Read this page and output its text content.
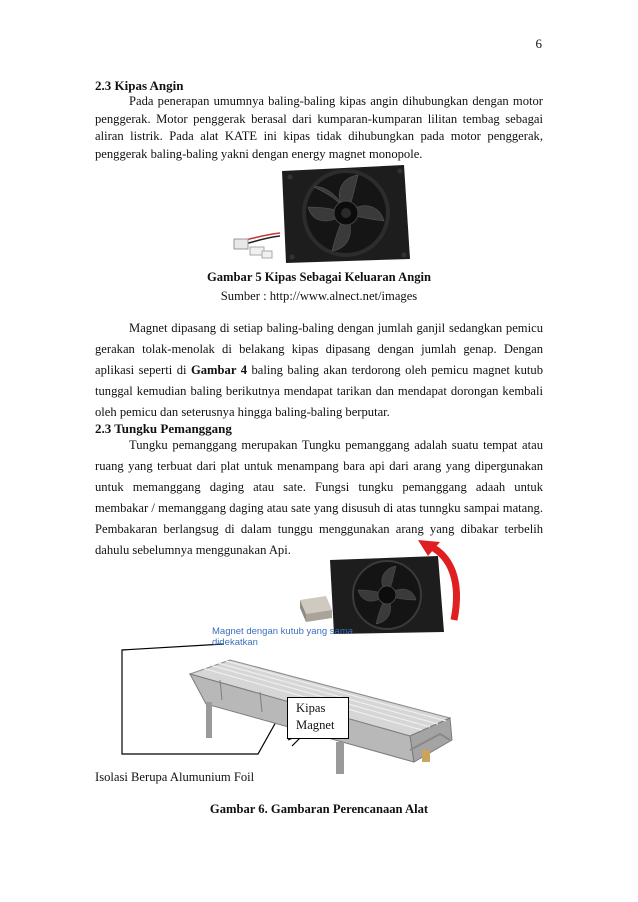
6
2.3 Kipas Angin
Pada penerapan umumnya baling-baling kipas angin dihubungkan dengan motor penggerak. Motor penggerak berasal dari kumparan-kumparan lilitan tembag sebagai aliran listrik. Pada alat KATE ini kipas tidak dihubungkan pada motor penggerak, penggerak baling-baling yakni dengan energy magnet monopole.
Gambar 5 Kipas Sebagai Keluaran Angin
Sumber : http://www.alnect.net/images
Magnet dipasang di setiap baling-baling dengan jumlah ganjil sedangkan pemicu gerakan tolak-menolak di belakang kipas dipasang dengan jumlah genap. Dengan aplikasi seperti di Gambar 4 baling baling akan terdorong oleh pemicu magnet kutub tunggal kemudian baling berikutnya mendapat tarikan dan mendapat dorongan kembali oleh pemicu dan seterusnya hingga baling-baling berputar.
2.3 Tungku Pemanggang
Tungku pemanggang merupakan Tungku pemanggang adalah suatu tempat atau ruang yang terbuat dari plat untuk menampang bara api dari arang yang dipergunakan untuk memanggang daging atau sate. Fungsi tungku pemanggang adaah untuk membakar / memanggang daging atau sate yang disusuh di atas tunngku sampai matang. Pembakaran berlangsug di dalam tunggu menggunakan arang yang dibakar terbelih dahulu sebelumnya menggunakan Api.
Magnet dengan kutub yang sama
didekatkan
Kipas
Magnet
Isolasi Berupa Alumunium Foil
Gambar 6. Gambaran Perencanaan Alat
